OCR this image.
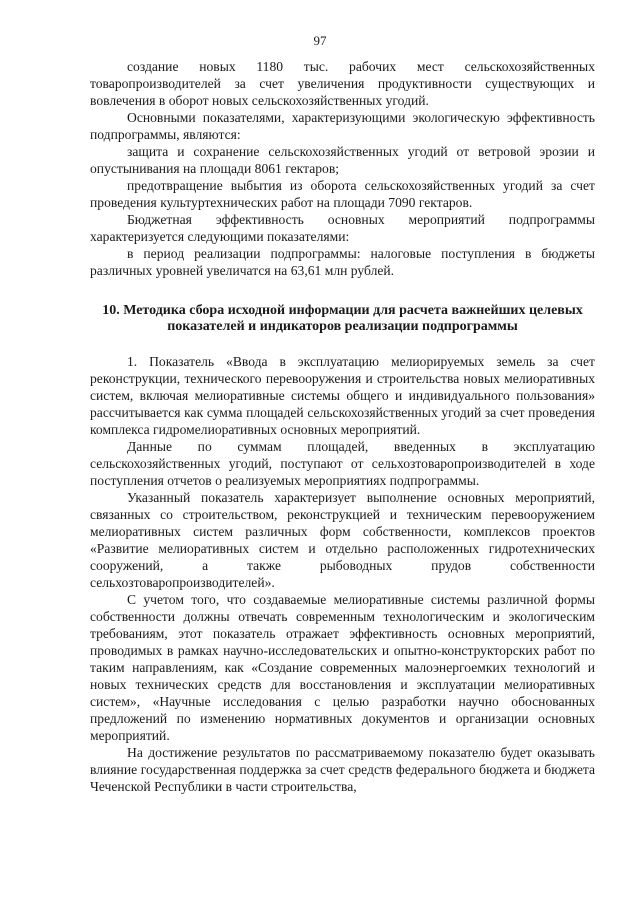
97

создание новых 1180 тыс. рабочих мест сельскохозяйственных товаропроизводителей за счет увеличения продуктивности существующих и вовлечения в оборот новых сельскохозяйственных угодий.

Основными показателями, характеризующими экологическую эффективность подпрограммы, являются:

защита и сохранение сельскохозяйственных угодий от ветровой эрозии и опустынивания на площади 8061 гектаров;

предотвращение выбытия из оборота сельскохозяйственных угодий за счет проведения культуртехнических работ на площади 7090 гектаров.

Бюджетная эффективность основных мероприятий подпрограммы характеризуется следующими показателями:

в период реализации подпрограммы: налоговые поступления в бюджеты различных уровней увеличатся на 63,61 млн рублей.

10. Методика сбора исходной информации для расчета важнейших целевых показателей и индикаторов реализации подпрограммы

1. Показатель «Ввода в эксплуатацию мелиорируемых земель за счет реконструкции, технического перевооружения и строительства новых мелиоративных систем, включая мелиоративные системы общего и индивидуального пользования» рассчитывается как сумма площадей сельскохозяйственных угодий за счет проведения комплекса гидромелиоративных основных мероприятий.

Данные по суммам площадей, введенных в эксплуатацию сельскохозяйственных угодий, поступают от сельхозтоваропроизводителей в ходе поступления отчетов о реализуемых мероприятиях подпрограммы.

Указанный показатель характеризует выполнение основных мероприятий, связанных со строительством, реконструкцией и техническим перевооружением мелиоративных систем различных форм собственности, комплексов проектов «Развитие мелиоративных систем и отдельно расположенных гидротехнических сооружений, а также рыбоводных прудов собственности сельхозтоваропроизводителей».

С учетом того, что создаваемые мелиоративные системы различной формы собственности должны отвечать современным технологическим и экологическим требованиям, этот показатель отражает эффективность основных мероприятий, проводимых в рамках научно-исследовательских и опытно-конструкторских работ по таким направлениям, как «Создание современных малоэнергоемких технологий и новых технических средств для восстановления и эксплуатации мелиоративных систем», «Научные исследования с целью разработки научно обоснованных предложений по изменению нормативных документов и организации основных мероприятий.

На достижение результатов по рассматриваемому показателю будет оказывать влияние государственная поддержка за счет средств федерального бюджета и бюджета Чеченской Республики в части строительства,
